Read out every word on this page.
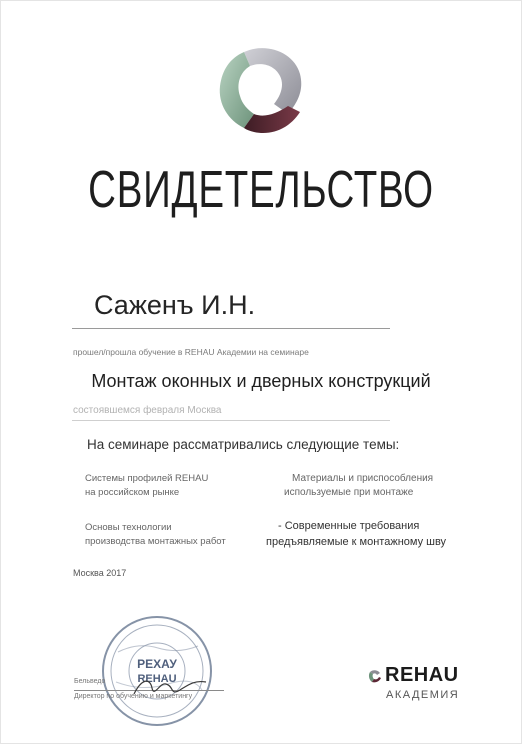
СВИДЕТЕЛЬСТВО
Саженъ И.Н.
прошел/прошла обучение в REHAU Академии на семинаре
Монтаж оконных и дверных конструкций
состоявшемся февраля Москва
На семинаре рассматривались следующие темы:
Системы профилей REHAU
на российском рынке
Материалы и приспособления
используемые при монтаже
Основы технологии
производства монтажных работ
- Современные требования
предъявляемые к монтажному шву
Москва 2017
РЕХАУ
REHAU
Бельведо
Директор по обучению и маркетингу
REHAU
АКАДЕМИЯ
